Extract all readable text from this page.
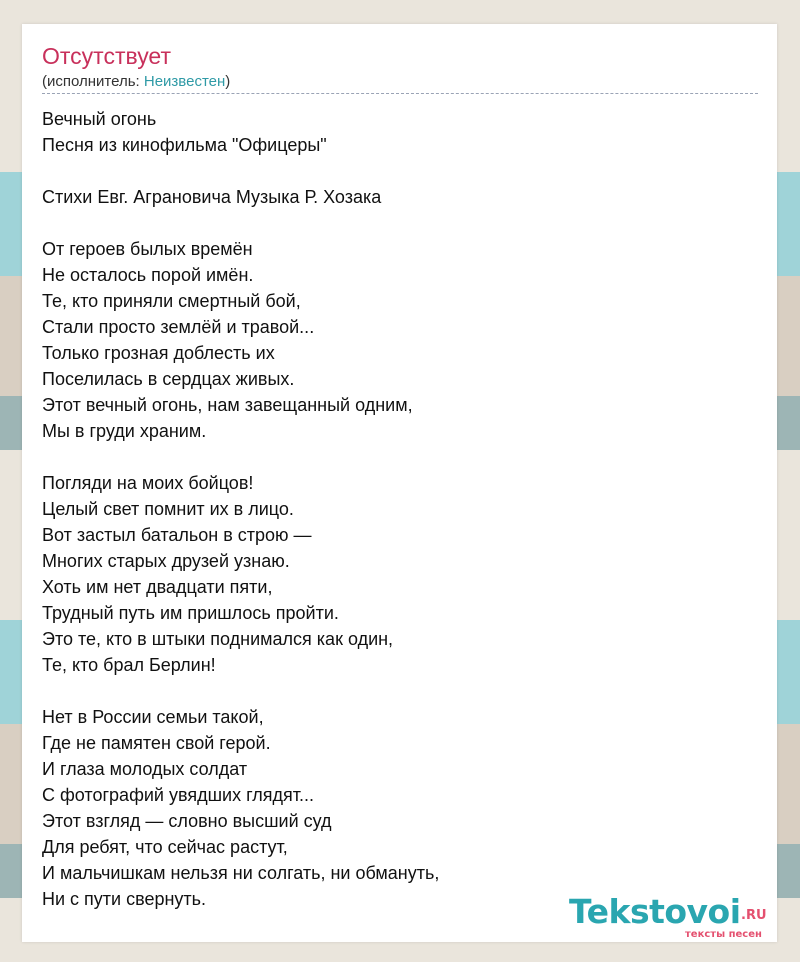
Отсутствует
(исполнитель: Неизвестен)
Вечный огонь
Песня из кинофильма "Офицеры"
Стихи Евг. Аграновича Музыка Р. Хозака
От героев былых времён
Не осталось порой имён.
Те, кто приняли смертный бой,
Стали просто землёй и травой...
Только грозная доблесть их
Поселилась в сердцах живых.
Этот вечный огонь, нам завещанный одним,
Мы в груди храним.
Погляди на моих бойцов!
Целый свет помнит их в лицо.
Вот застыл батальон в строю —
Многих старых друзей узнаю.
Хоть им нет двадцати пяти,
Трудный путь им пришлось пройти.
Это те, кто в штыки поднимался как один,
Те, кто брал Берлин!
Нет в России семьи такой,
Где не памятен свой герой.
И глаза молодых солдат
С фотографий увядших глядят...
Этот взгляд — словно высший суд
Для ребят, что сейчас растут,
И мальчишкам нельзя ни солгать, ни обмануть,
Ни с пути свернуть.	Tekstovoi .RU
тексты песен
